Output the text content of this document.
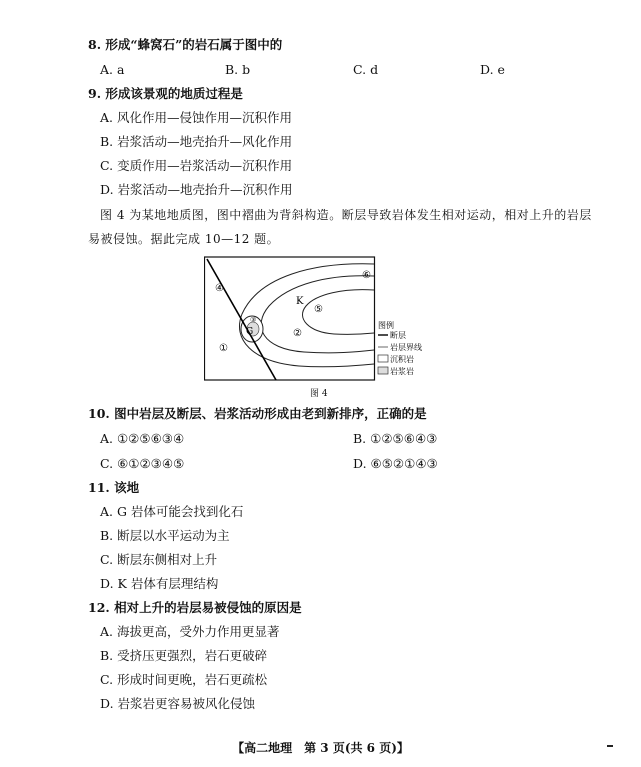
8. 形成“蜂窝石”的岩石属于图中的
A. a	B. b	C. d	D. e
9. 形成该景观的地质过程是
A. 风化作用—侵蚀作用—沉积作用
B. 岩浆活动—地壳抬升—风化作用
C. 变质作用—岩浆活动—沉积作用
D. 岩浆活动—地壳抬升—沉积作用
图 4 为某地地质图，图中褶曲为背斜构造。断层导致岩体发生相对运动，相对上升的岩层
易被侵蚀。据此完成 10—12 题。
④
①
G
③
②
K
⑤
⑥
图例
断层
岩层界线
沉积岩
岩浆岩
图 4
10. 图中岩层及断层、岩浆活动形成由老到新排序，正确的是
A. ①②⑤⑥③④	B. ①②⑤⑥④③
C. ⑥①②③④⑤	D. ⑥⑤②①④③
11. 该地
A. G 岩体可能会找到化石
B. 断层以水平运动为主
C. 断层东侧相对上升
D. K 岩体有层理结构
12. 相对上升的岩层易被侵蚀的原因是
A. 海拔更高，受外力作用更显著
B. 受挤压更强烈，岩石更破碎
C. 形成时间更晚，岩石更疏松
D. 岩浆岩更容易被风化侵蚀
【高二地理　第 3 页(共 6 页)】
